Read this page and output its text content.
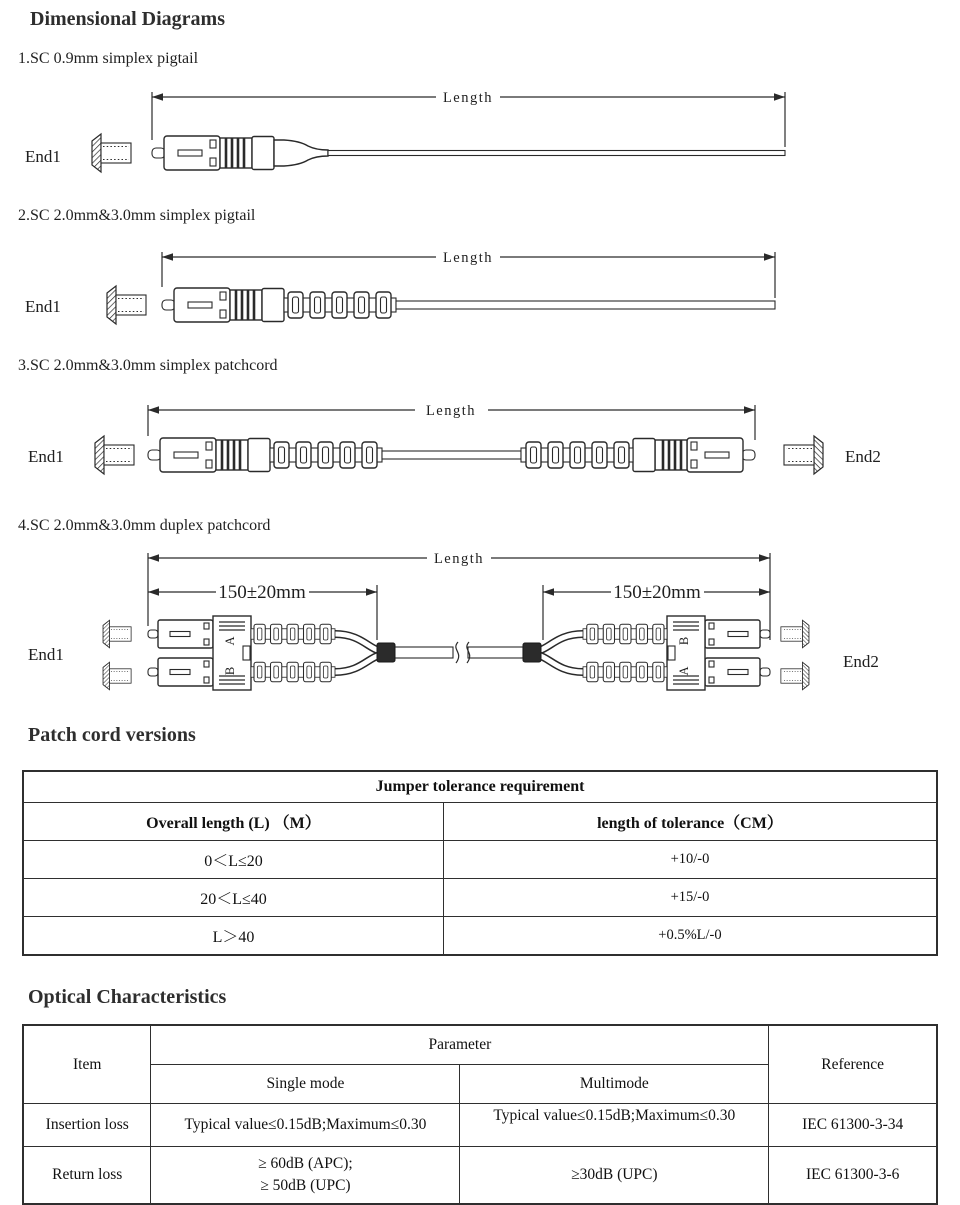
Dimensional Diagrams
1.SC 0.9mm simplex pigtail
End1
Length
2.SC 2.0mm&3.0mm simplex pigtail
End1
Length
3.SC 2.0mm&3.0mm simplex patchcord
End1	End2
Length
4.SC 2.0mm&3.0mm duplex patchcord
End1	End2
Length
150±20mm	150±20mm
A
B
B
A
Patch cord versions
Jumper tolerance requirement	
Overall length (L) （M）	length of tolerance（CM）
0＜L≤20	+10/-0
20＜L≤40	+15/-0
L＞40	+0.5%L/-0
Optical Characteristics
Item	Parameter		Reference
	Single mode	Multimode	
Insertion loss	Typical value≤0.15dB;Maximum≤0.30	Typical value≤0.15dB;Maximum≤0.30	IEC 61300-3-34
Return loss	≥ 60dB (APC);
≥ 50dB (UPC)	≥30dB (UPC)	IEC 61300-3-6
